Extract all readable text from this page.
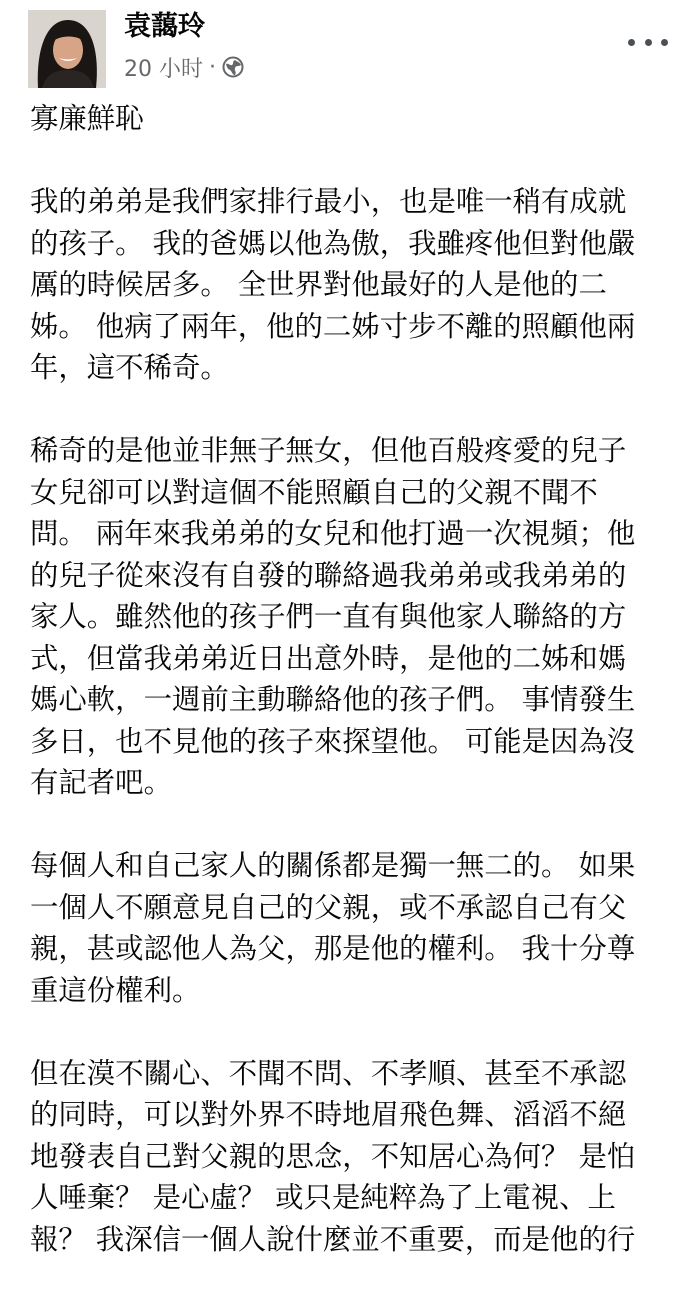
袁藹玲
20 小时 ·

寡廉鮮恥

我的弟弟是我們家排行最小，也是唯一稍有成就
的孩子。 我的爸媽以他為傲，我雖疼他但對他嚴
厲的時候居多。 全世界對他最好的人是他的二
姊。 他病了兩年，他的二姊寸步不離的照顧他兩
年，這不稀奇。

稀奇的是他並非無子無女，但他百般疼愛的兒子
女兒卻可以對這個不能照顧自己的父親不聞不
問。 兩年來我弟弟的女兒和他打過一次視頻；他
的兒子從來沒有自發的聯絡過我弟弟或我弟弟的
家人。雖然他的孩子們一直有與他家人聯絡的方
式，但當我弟弟近日出意外時，是他的二姊和媽
媽心軟，一週前主動聯絡他的孩子們。 事情發生
多日，也不見他的孩子來探望他。 可能是因為沒
有記者吧。

每個人和自己家人的關係都是獨一無二的。 如果
一個人不願意見自己的父親，或不承認自己有父
親，甚或認他人為父，那是他的權利。 我十分尊
重這份權利。

但在漠不關心、不聞不問、不孝順、甚至不承認
的同時，可以對外界不時地眉飛色舞、滔滔不絕
地發表自己對父親的思念，不知居心為何？ 是怕
人唾棄？ 是心虛？ 或只是純粹為了上電視、上
報？ 我深信一個人說什麼並不重要，而是他的行
